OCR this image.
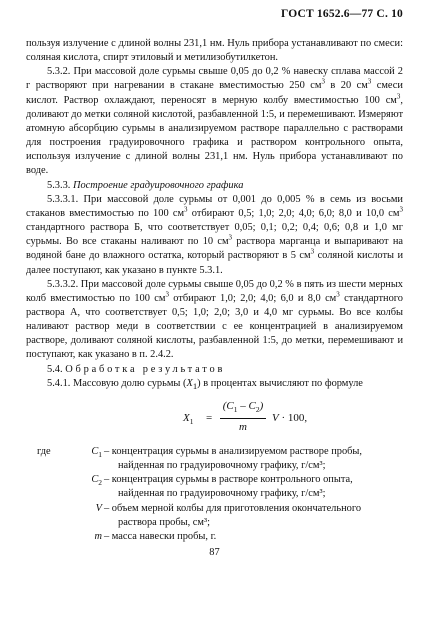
ГОСТ 1652.6—77 С. 10

пользуя излучение с длиной волны 231,1 нм. Нуль прибора устанавливают по смеси: соляная кислота, спирт этиловый и метилизобутилкетон.

5.3.2. При массовой доле сурьмы свыше 0,05 до 0,2 % навеску сплава массой 2 г растворяют при нагревании в стакане вместимостью 250 $см^3$ в 20 $см^3$ смеси кислот. Раствор охлаждают, переносят в мерную колбу вместимостью 100 $см^3$, доливают до метки соляной кислотой, разбавленной 1:5, и перемешивают. Измеряют атомную абсорбцию сурьмы в анализируемом растворе параллельно с растворами для построения градуировочного графика и раствором контрольного опыта, используя излучение с длиной волны 231,1 нм. Нуль прибора устанавливают по воде.

5.3.3. Построение градуировочного графика

5.3.3.1. При массовой доле сурьмы от 0,001 до 0,005 % в семь из восьми стаканов вместимостью по 100 $см^3$ отбирают 0,5; 1,0; 2,0; 4,0; 6,0; 8,0 и 10,0 $см^3$ стандартного раствора Б, что соответствует 0,05; 0,1; 0,2; 0,4; 0,6; 0,8 и 1,0 мг сурьмы. Во все стаканы наливают по 10 $см^3$ раствора марганца и выпаривают на водяной бане до влажного остатка, который растворяют в 5 $см^3$ соляной кислоты и далее поступают, как указано в пункте 5.3.1.

5.3.3.2. При массовой доле сурьмы свыше 0,05 до 0,2 % в пять из шести мерных колб вместимостью по 100 $см^3$ отбирают 1,0; 2,0; 4,0; 6,0 и 8,0 $см^3$ стандартного раствора А, что соответствует 0,5; 1,0; 2,0; 3,0 и 4,0 мг сурьмы. Во все колбы наливают раствор меди в соответствии с ее концентрацией в анализируемом растворе, доливают соляной кислоты, разбавленной 1:5, до метки, перемешивают и поступают, как указано в п. 2.4.2.

5.4. Обработка результатов

5.4.1. Массовую долю сурьмы $(X_1)$ в процентах вычисляют по формуле

$X_1 = \frac{(C_1 - C_2)}{m}$ V · 100,
где	$C_1$ – концентрация сурьмы в анализируемом растворе пробы,
найденная по градуировочному графику, г/см³;
$C_2$ – концентрация сурьмы в растворе контрольного опыта,
найденная по градуировочному графику, г/см³;
V – объем мерной колбы для приготовления окончательного
раствора пробы, см³;
m – масса навески пробы, г.
87
